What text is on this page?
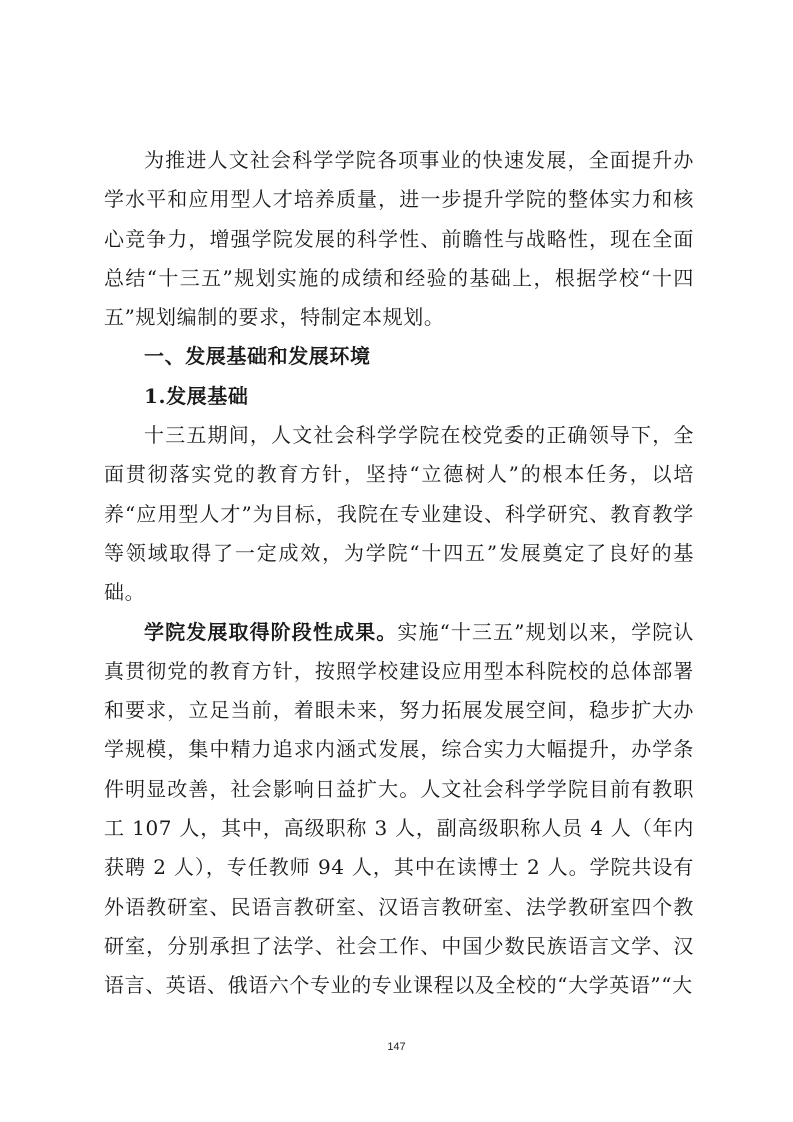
为推进人文社会科学学院各项事业的快速发展，全面提升办学水平和应用型人才培养质量，进一步提升学院的整体实力和核心竞争力，增强学院发展的科学性、前瞻性与战略性，现在全面总结“十三五”规划实施的成绩和经验的基础上，根据学校“十四五”规划编制的要求，特制定本规划。

一、发展基础和发展环境

1.发展基础

十三五期间，人文社会科学学院在校党委的正确领导下，全面贯彻落实党的教育方针，坚持“立德树人”的根本任务，以培养“应用型人才”为目标，我院在专业建设、科学研究、教育教学等领域取得了一定成效，为学院“十四五”发展奠定了良好的基础。

学院发展取得阶段性成果。实施“十三五”规划以来，学院认真贯彻党的教育方针，按照学校建设应用型本科院校的总体部署和要求，立足当前，着眼未来，努力拓展发展空间，稳步扩大办学规模，集中精力追求内涵式发展，综合实力大幅提升，办学条件明显改善，社会影响日益扩大。人文社会科学学院目前有教职工 107 人，其中，高级职称 3 人，副高级职称人员 4 人（年内获聘 2 人），专任教师 94 人，其中在读博士 2 人。学院共设有外语教研室、民语言教研室、汉语言教研室、法学教研室四个教研室，分别承担了法学、社会工作、中国少数民族语言文学、汉语言、英语、俄语六个专业的专业课程以及全校的“大学英语”“大

147
